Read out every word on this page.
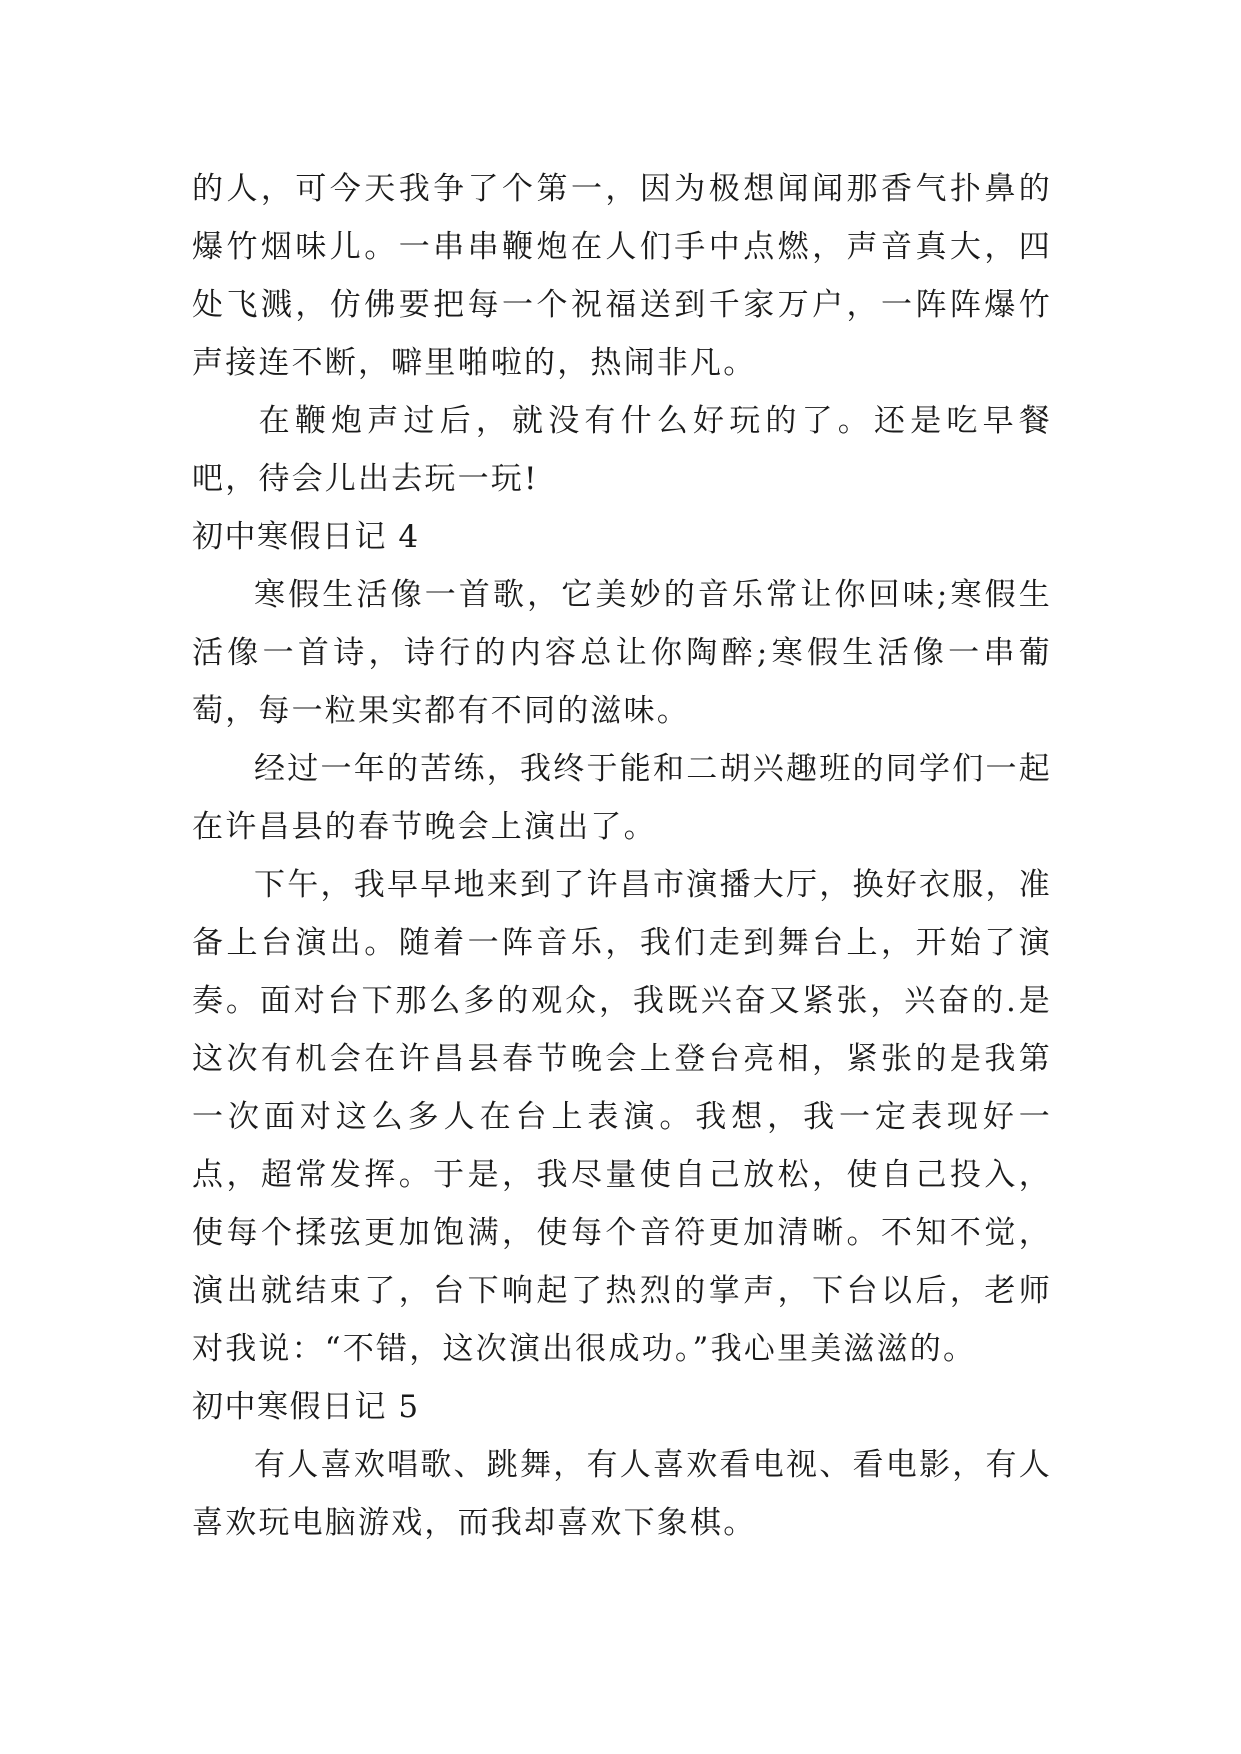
的人，可今天我争了个第一，因为极想闻闻那香气扑鼻的爆竹烟味儿。一串串鞭炮在人们手中点燃，声音真大，四处飞溅，仿佛要把每一个祝福送到千家万户，一阵阵爆竹声接连不断，噼里啪啦的，热闹非凡。

在鞭炮声过后，就没有什么好玩的了。还是吃早餐吧，待会儿出去玩一玩!

初中寒假日记 4

寒假生活像一首歌，它美妙的音乐常让你回味;寒假生活像一首诗，诗行的内容总让你陶醉;寒假生活像一串葡萄，每一粒果实都有不同的滋味。

经过一年的苦练，我终于能和二胡兴趣班的同学们一起在许昌县的春节晚会上演出了。

下午，我早早地来到了许昌市演播大厅，换好衣服，准备上台演出。随着一阵音乐，我们走到舞台上，开始了演奏。面对台下那么多的观众，我既兴奋又紧张，兴奋的.是这次有机会在许昌县春节晚会上登台亮相，紧张的是我第一次面对这么多人在台上表演。我想，我一定表现好一点，超常发挥。于是，我尽量使自己放松，使自己投入，使每个揉弦更加饱满，使每个音符更加清晰。不知不觉，演出就结束了，台下响起了热烈的掌声，下台以后，老师对我说：“不错，这次演出很成功。”我心里美滋滋的。

初中寒假日记 5

有人喜欢唱歌、跳舞，有人喜欢看电视、看电影，有人喜欢玩电脑游戏，而我却喜欢下象棋。
